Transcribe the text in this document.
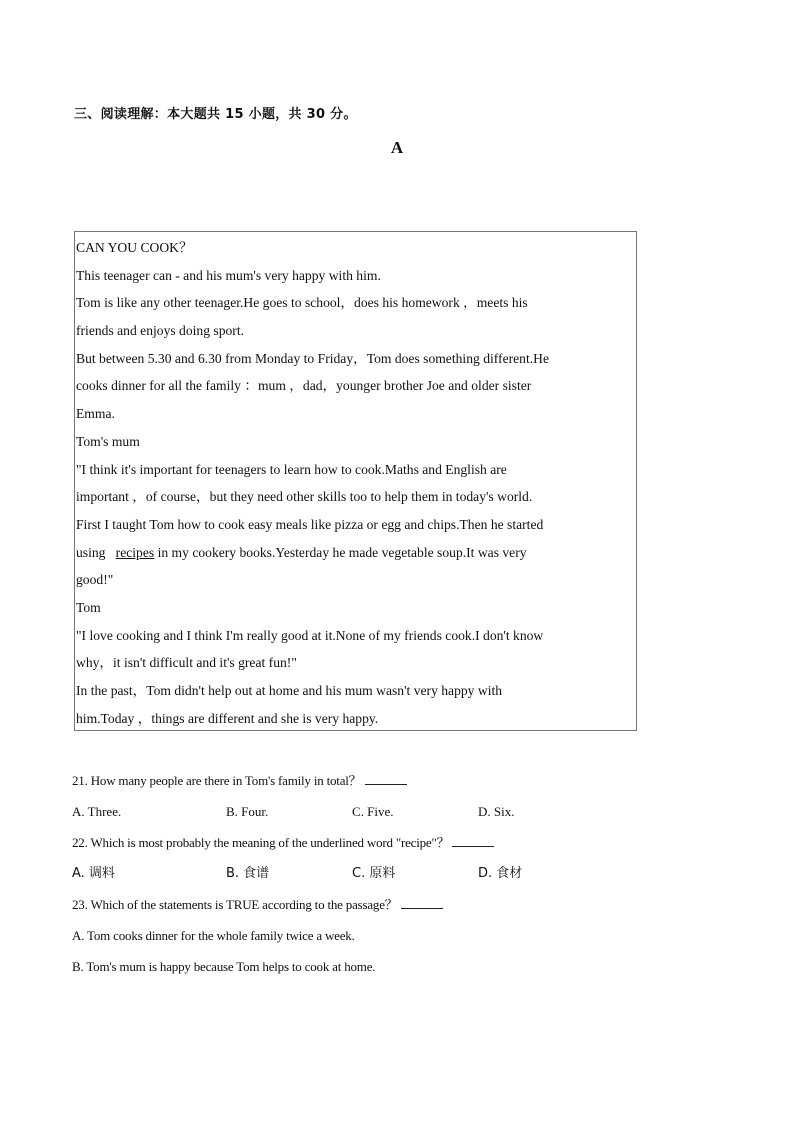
三、阅读理解：本大题共 15 小题，共 30 分。
A
CAN YOU COOK？
This teenager can - and his mum's very happy with him.
Tom is like any other teenager.He goes to school，does his homework ，meets his
friends and enjoys doing sport.
But between 5.30 and 6.30 from Monday to Friday，Tom does something different.He
cooks dinner for all the family ：mum ，dad，younger brother Joe and older sister
Emma.
Tom's mum
"I think it's important for teenagers to learn how to cook.Maths and English are
important ，of course，but they need other skills too to help them in today's world.
First I taught Tom how to cook easy meals like pizza or egg and chips.Then he started
using recipes in my cookery books.Yesterday he made vegetable soup.It was very
good!"
Tom
"I love cooking and I think I'm really good at it.None of my friends cook.I don't know
why，it isn't difficult and it's great fun!"
In the past，Tom didn't help out at home and his mum wasn't very happy with
him.Today ，things are different and she is very happy.
21. How many people are there in Tom's family in total？
A. Three.	B. Four.	C. Five.	D. Six.
22. Which is most probably the meaning of the underlined word "recipe"？
A. 调料	B. 食谱	C. 原料	D. 食材
23. Which of the statements is TRUE according to the passage？
A. Tom cooks dinner for the whole family twice a week.
B. Tom's mum is happy because Tom helps to cook at home.
